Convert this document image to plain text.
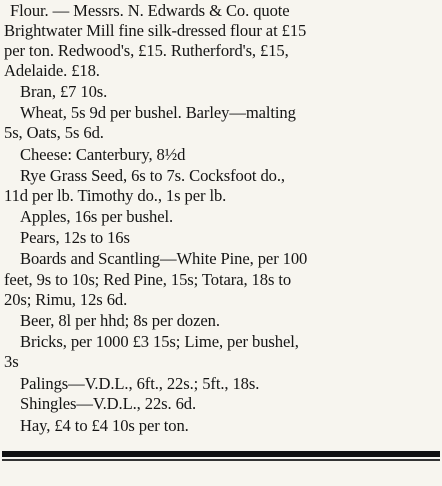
Flour. — Messrs. N. Edwards & Co. quote
Brightwater Mill fine silk-dressed flour at £15
per ton. Redwood's, £15. Rutherford's, £15,
Adelaide. £18.
Bran, £7 10s.
Wheat, 5s 9d per bushel. Barley—malting
5s, Oats, 5s 6d.
Cheese: Canterbury, 8½d
Rye Grass Seed, 6s to 7s. Cocksfoot do.,
11d per lb. Timothy do., 1s per lb.
Apples, 16s per bushel.
Pears, 12s to 16s
Boards and Scantling—White Pine, per 100
feet, 9s to 10s; Red Pine, 15s; Totara, 18s to
20s; Rimu, 12s 6d.
Beer, 8l per hhd; 8s per dozen.
Bricks, per 1000 £3 15s; Lime, per bushel,
3s
Palings—V.D.L., 6ft., 22s.; 5ft., 18s.
Shingles—V.D.L., 22s. 6d.
Hay, £4 to £4 10s per ton.
